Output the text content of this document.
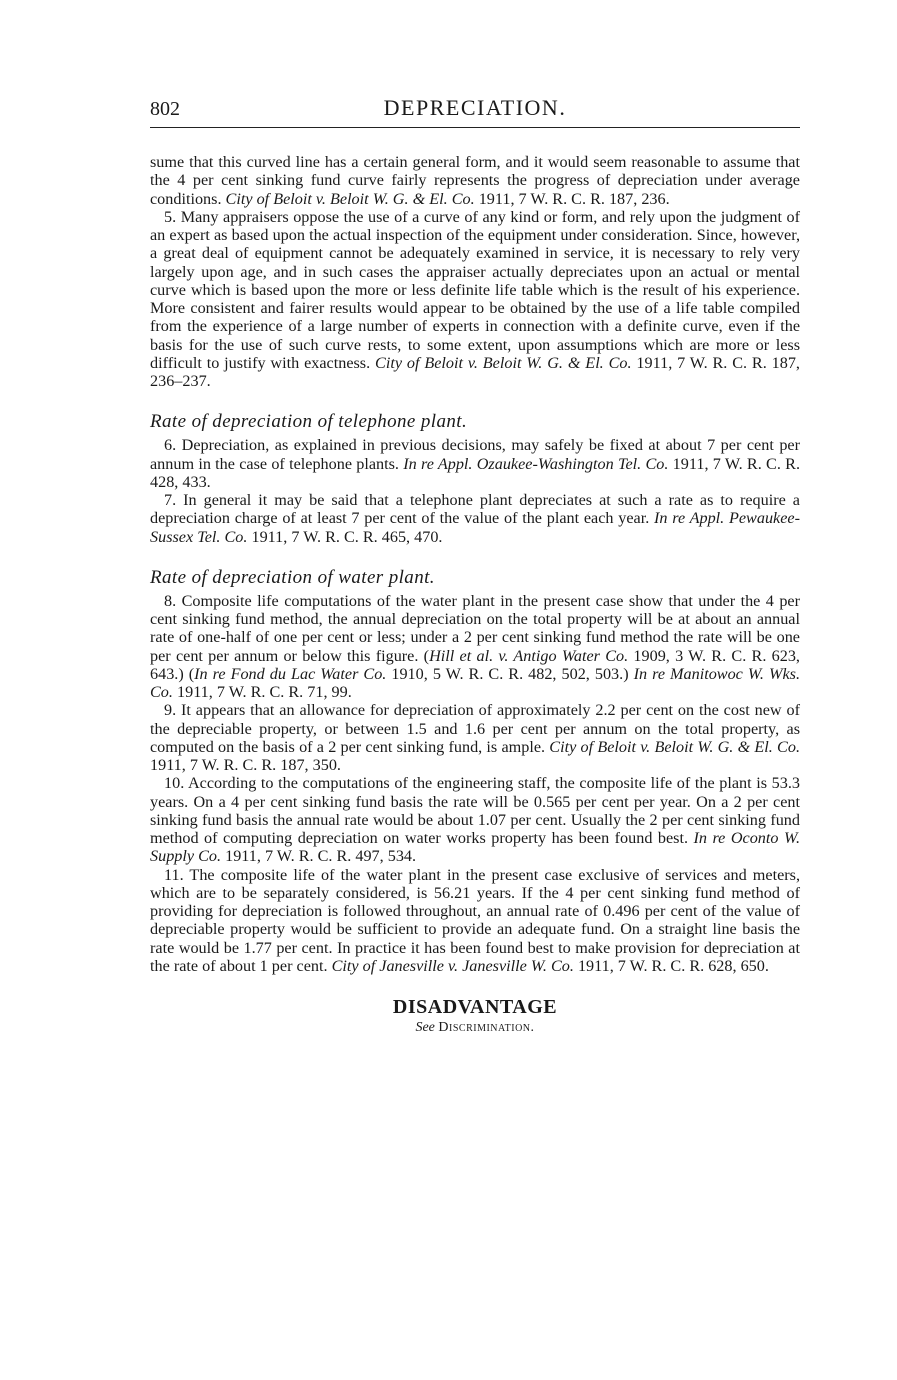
802	DEPRECIATION.

sume that this curved line has a certain general form, and it would seem reasonable to assume that the 4 per cent sinking fund curve fairly represents the progress of depreciation under average conditions. City of Beloit v. Beloit W. G. & El. Co. 1911, 7 W. R. C. R. 187, 236.

5. Many appraisers oppose the use of a curve of any kind or form, and rely upon the judgment of an expert as based upon the actual inspection of the equipment under consideration. Since, however, a great deal of equipment cannot be adequately examined in service, it is necessary to rely very largely upon age, and in such cases the appraiser actually depreciates upon an actual or mental curve which is based upon the more or less definite life table which is the result of his experience. More consistent and fairer results would appear to be obtained by the use of a life table compiled from the experience of a large number of experts in connection with a definite curve, even if the basis for the use of such curve rests, to some extent, upon assumptions which are more or less difficult to justify with exactness. City of Beloit v. Beloit W. G. & El. Co. 1911, 7 W. R. C. R. 187, 236–237.

Rate of depreciation of telephone plant.

6. Depreciation, as explained in previous decisions, may safely be fixed at about 7 per cent per annum in the case of telephone plants. In re Appl. Ozaukee-Washington Tel. Co. 1911, 7 W. R. C. R. 428, 433.

7. In general it may be said that a telephone plant depreciates at such a rate as to require a depreciation charge of at least 7 per cent of the value of the plant each year. In re Appl. Pewaukee-Sussex Tel. Co. 1911, 7 W. R. C. R. 465, 470.

Rate of depreciation of water plant.

8. Composite life computations of the water plant in the present case show that under the 4 per cent sinking fund method, the annual depreciation on the total property will be at about an annual rate of one-half of one per cent or less; under a 2 per cent sinking fund method the rate will be one per cent per annum or below this figure. (Hill et al. v. Antigo Water Co. 1909, 3 W. R. C. R. 623, 643.) (In re Fond du Lac Water Co. 1910, 5 W. R. C. R. 482, 502, 503.) In re Manitowoc W. Wks. Co. 1911, 7 W. R. C. R. 71, 99.

9. It appears that an allowance for depreciation of approximately 2.2 per cent on the cost new of the depreciable property, or between 1.5 and 1.6 per cent per annum on the total property, as computed on the basis of a 2 per cent sinking fund, is ample. City of Beloit v. Beloit W. G. & El. Co. 1911, 7 W. R. C. R. 187, 350.

10. According to the computations of the engineering staff, the composite life of the plant is 53.3 years. On a 4 per cent sinking fund basis the rate will be 0.565 per cent per year. On a 2 per cent sinking fund basis the annual rate would be about 1.07 per cent. Usually the 2 per cent sinking fund method of computing depreciation on water works property has been found best. In re Oconto W. Supply Co. 1911, 7 W. R. C. R. 497, 534.

11. The composite life of the water plant in the present case exclusive of services and meters, which are to be separately considered, is 56.21 years. If the 4 per cent sinking fund method of providing for depreciation is followed throughout, an annual rate of 0.496 per cent of the value of depreciable property would be sufficient to provide an adequate fund. On a straight line basis the rate would be 1.77 per cent. In practice it has been found best to make provision for depreciation at the rate of about 1 per cent. City of Janesville v. Janesville W. Co. 1911, 7 W. R. C. R. 628, 650.

DISADVANTAGE
See Discrimination.
